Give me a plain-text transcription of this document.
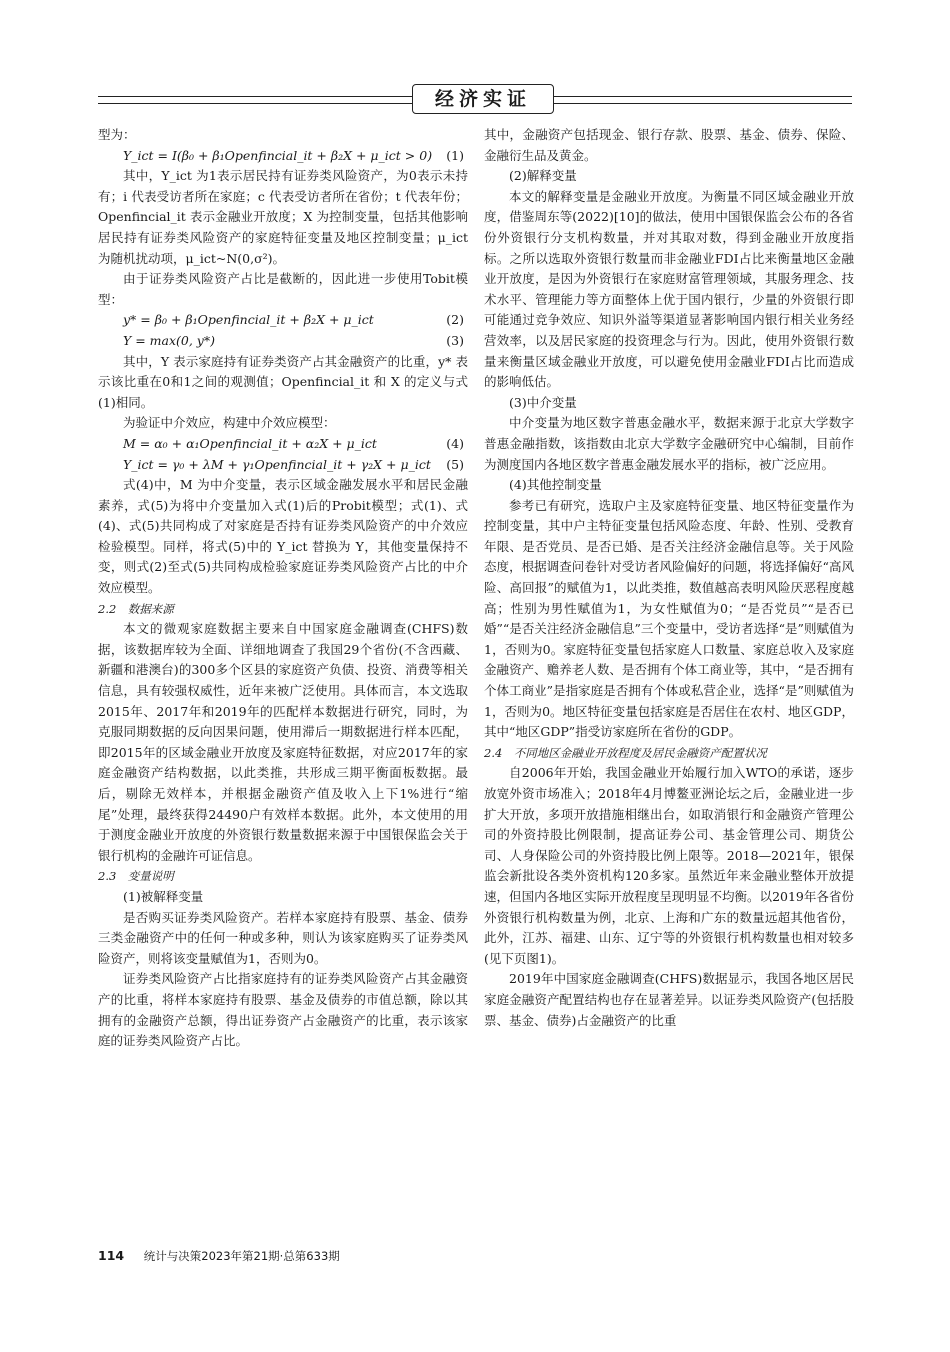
经济实证

型为：

Y_ict = I(β₀ + β₁Openfincial_it + β₂X + μ_ict > 0) (1)

其中，Y_ict 为1表示居民持有证券类风险资产，为0表示未持有；i 代表受访者所在家庭；c 代表受访者所在省份；t 代表年份；Openfincial_it 表示金融业开放度；X 为控制变量，包括其他影响居民持有证券类风险资产的家庭特征变量及地区控制变量；μ_ict 为随机扰动项，μ_ict~N(0,σ²)。

由于证券类风险资产占比是截断的，因此进一步使用Tobit模型：

y* = β₀ + β₁Openfincial_it + β₂X + μ_ict	(2)
Y = max(0, y*)	(3)

其中，Y 表示家庭持有证券类资产占其金融资产的比重，y* 表示该比重在0和1之间的观测值；Openfincial_it 和 X 的定义与式(1)相同。

为验证中介效应，构建中介效应模型：

M = α₀ + α₁Openfincial_it + α₂X + μ_ict	(4)
Y_ict = γ₀ + λM + γ₁Openfincial_it + γ₂X + μ_ict (5)

式(4)中，M 为中介变量，表示区域金融发展水平和居民金融素养，式(5)为将中介变量加入式(1)后的Probit模型；式(1)、式(4)、式(5)共同构成了对家庭是否持有证券类风险资产的中介效应检验模型。同样，将式(5)中的 Y_ict 替换为 Y，其他变量保持不变，则式(2)至式(5)共同构成检验家庭证券类风险资产占比的中介效应模型。

2.2　数据来源

本文的微观家庭数据主要来自中国家庭金融调查(CHFS)数据，该数据库较为全面、详细地调查了我国29个省份(不含西藏、新疆和港澳台)的300多个区县的家庭资产负债、投资、消费等相关信息，具有较强权威性，近年来被广泛使用。具体而言，本文选取2015年、2017年和2019年的匹配样本数据进行研究，同时，为克服同期数据的反向因果问题，使用滞后一期数据进行样本匹配，即2015年的区域金融业开放度及家庭特征数据，对应2017年的家庭金融资产结构数据，以此类推，共形成三期平衡面板数据。最后，剔除无效样本，并根据金融资产值及收入上下1%进行“缩尾”处理，最终获得24490户有效样本数据。此外，本文使用的用于测度金融业开放度的外资银行数量数据来源于中国银保监会关于银行机构的金融许可证信息。

2.3　变量说明

(1)被解释变量

是否购买证券类风险资产。若样本家庭持有股票、基金、债券三类金融资产中的任何一种或多种，则认为该家庭购买了证券类风险资产，则将该变量赋值为1，否则为0。

证券类风险资产占比指家庭持有的证券类风险资产占其金融资产的比重，将样本家庭持有股票、基金及债券的市值总额，除以其拥有的金融资产总额，得出证券资产占金融资产的比重，表示该家庭的证券类风险资产占比。

其中，金融资产包括现金、银行存款、股票、基金、债券、保险、金融衍生品及黄金。

(2)解释变量

本文的解释变量是金融业开放度。为衡量不同区域金融业开放度，借鉴周东等(2022)[10]的做法，使用中国银保监会公布的各省份外资银行分支机构数量，并对其取对数，得到金融业开放度指标。之所以选取外资银行数量而非金融业FDI占比来衡量地区金融业开放度，是因为外资银行在家庭财富管理领域，其服务理念、技术水平、管理能力等方面整体上优于国内银行，少量的外资银行即可能通过竞争效应、知识外溢等渠道显著影响国内银行相关业务经营效率，以及居民家庭的投资理念与行为。因此，使用外资银行数量来衡量区域金融业开放度，可以避免使用金融业FDI占比而造成的影响低估。

(3)中介变量

中介变量为地区数字普惠金融水平，数据来源于北京大学数字普惠金融指数，该指数由北京大学数字金融研究中心编制，目前作为测度国内各地区数字普惠金融发展水平的指标，被广泛应用。

(4)其他控制变量

参考已有研究，选取户主及家庭特征变量、地区特征变量作为控制变量，其中户主特征变量包括风险态度、年龄、性别、受教育年限、是否党员、是否已婚、是否关注经济金融信息等。关于风险态度，根据调查问卷针对受访者风险偏好的问题，将选择偏好“高风险、高回报”的赋值为1，以此类推，数值越高表明风险厌恶程度越高；性别为男性赋值为1，为女性赋值为0；“是否党员”“是否已婚”“是否关注经济金融信息”三个变量中，受访者选择“是”则赋值为1，否则为0。家庭特征变量包括家庭人口数量、家庭总收入及家庭金融资产、赡养老人数、是否拥有个体工商业等，其中，“是否拥有个体工商业”是指家庭是否拥有个体或私营企业，选择“是”则赋值为1，否则为0。地区特征变量包括家庭是否居住在农村、地区GDP，其中“地区GDP”指受访家庭所在省份的GDP。

2.4　不同地区金融业开放程度及居民金融资产配置状况

自2006年开始，我国金融业开始履行加入WTO的承诺，逐步放宽外资市场准入；2018年4月博鳌亚洲论坛之后，金融业进一步扩大开放，多项开放措施相继出台，如取消银行和金融资产管理公司的外资持股比例限制，提高证券公司、基金管理公司、期货公司、人身保险公司的外资持股比例上限等。2018—2021年，银保监会新批设各类外资机构120多家。虽然近年来金融业整体开放提速，但国内各地区实际开放程度呈现明显不均衡。以2019年各省份外资银行机构数量为例，北京、上海和广东的数量远超其他省份，此外，江苏、福建、山东、辽宁等的外资银行机构数量也相对较多(见下页图1)。

2019年中国家庭金融调查(CHFS)数据显示，我国各地区居民家庭金融资产配置结构也存在显著差异。以证券类风险资产(包括股票、基金、债券)占金融资产的比重

114 统计与决策2023年第21期·总第633期
